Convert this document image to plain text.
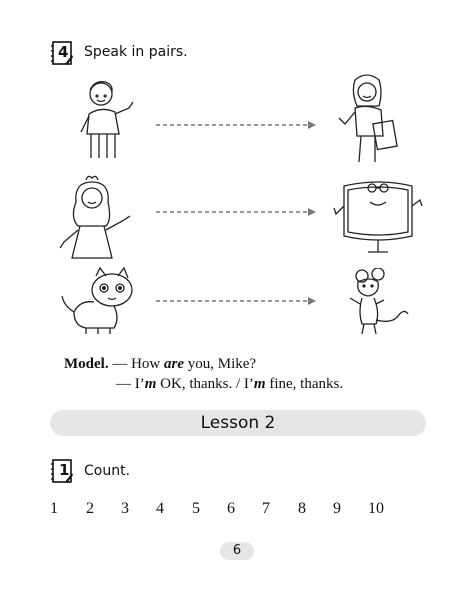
4 Speak in pairs.
Model. — How are you, Mike?
— I’m OK, thanks. / I’m fine, thanks.
Lesson 2
1 Count.
1 2 3 4 5 6 7 8 9 10
6
